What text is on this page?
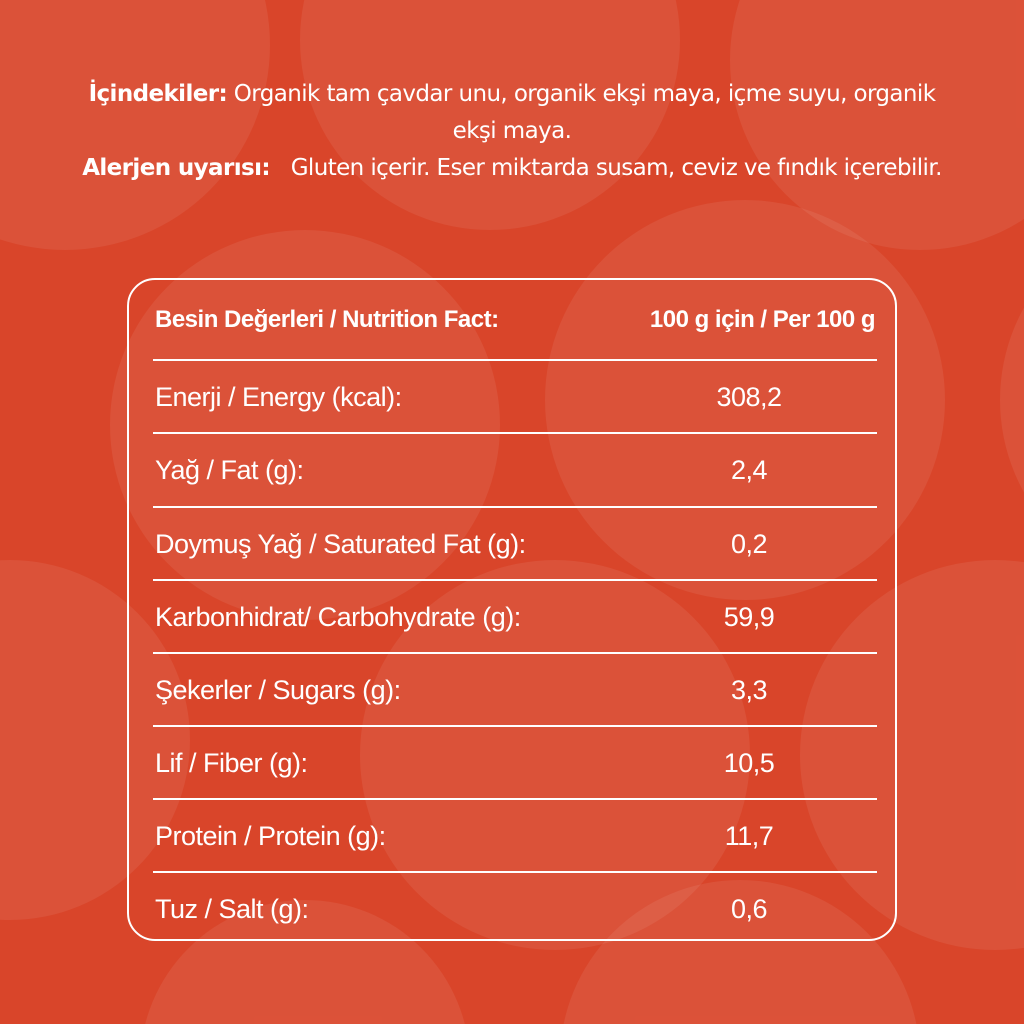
İçindekiler: Organik tam çavdar unu, organik ekşi maya, içme suyu, organik
ekşi maya.
Alerjen uyarısı: Gluten içerir. Eser miktarda susam, ceviz ve fındık içerebilir.
Besin Değerleri / Nutrition Fact:	100 g için / Per 100 g
Enerji / Energy (kcal):	308,2
Yağ / Fat (g):	2,4
Doymuş Yağ / Saturated Fat (g):	0,2
Karbonhidrat/ Carbohydrate (g):	59,9
Şekerler / Sugars (g):	3,3
Lif / Fiber (g):	10,5
Protein / Protein (g):	11,7
Tuz / Salt (g):	0,6
